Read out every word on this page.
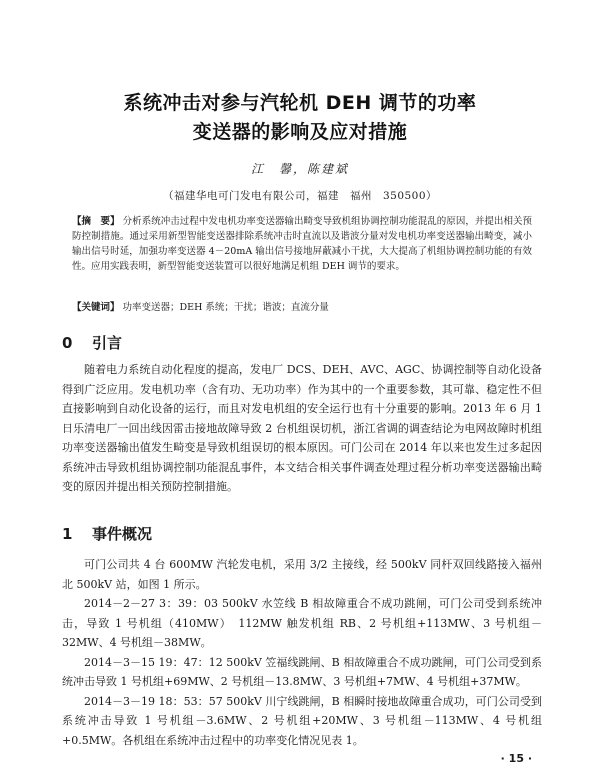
系统冲击对参与汽轮机 DEH 调节的功率
变送器的影响及应对措施
江　馨，陈建斌
（福建华电可门发电有限公司，福建　福州　350500）
【摘　要】 分析系统冲击过程中发电机功率变送器输出畸变导致机组协调控制功能混乱的原因，并提出相关预防控制措施。通过采用新型智能变送器排除系统冲击时直流以及谐波分量对发电机功率变送器输出畸变，减小输出信号时延，加强功率变送器 4－20mA 输出信号接地屏蔽减小干扰，大大提高了机组协调控制功能的有效性。应用实践表明，新型智能变送装置可以很好地满足机组 DEH 调节的要求。
【关键词】 功率变送器；DEH 系统；干扰；谐波；直流分量
0 引言

随着电力系统自动化程度的提高，发电厂 DCS、DEH、AVC、AGC、协调控制等自动化设备得到广泛应用。发电机功率（含有功、无功功率）作为其中的一个重要参数，其可靠、稳定性不但直接影响到自动化设备的运行，而且对发电机组的安全运行也有十分重要的影响。2013 年 6 月 1 日乐清电厂一回出线因雷击接地故障导致 2 台机组误切机，浙江省调的调查结论为电网故障时机组功率变送器输出值发生畸变是导致机组误切的根本原因。可门公司在 2014 年以来也发生过多起因系统冲击导致机组协调控制功能混乱事件，本文结合相关事件调查处理过程分析功率变送器输出畸变的原因并提出相关预防控制措施。

1 事件概况

可门公司共 4 台 600MW 汽轮发电机，采用 3/2 主接线，经 500kV 同杆双回线路接入福州北 500kV 站，如图 1 所示。

2014－2－27 3：39：03 500kV 水笠线 B 相故障重合不成功跳闸，可门公司受到系统冲击，导致 1 号机组（410MW）　112MW 触发机组 RB、2 号机组+113MW、3 号机组－32MW、4 号机组－38MW。

2014－3－15 19：47：12 500kV 笠福线跳闸、B 相故障重合不成功跳闸，可门公司受到系统冲击导致 1 号机组+69MW、2 号机组－13.8MW、3 号机组+7MW、4 号机组+37MW。

2014－3－19 18：53：57 500kV 川宁线跳闸，B 相瞬时接地故障重合成功，可门公司受到系统冲击导致 1 号机组－3.6MW、2 号机组+20MW、3 号机组－113MW、4 号机组+0.5MW。各机组在系统冲击过程中的功率变化情况见表 1。

· 15 ·
